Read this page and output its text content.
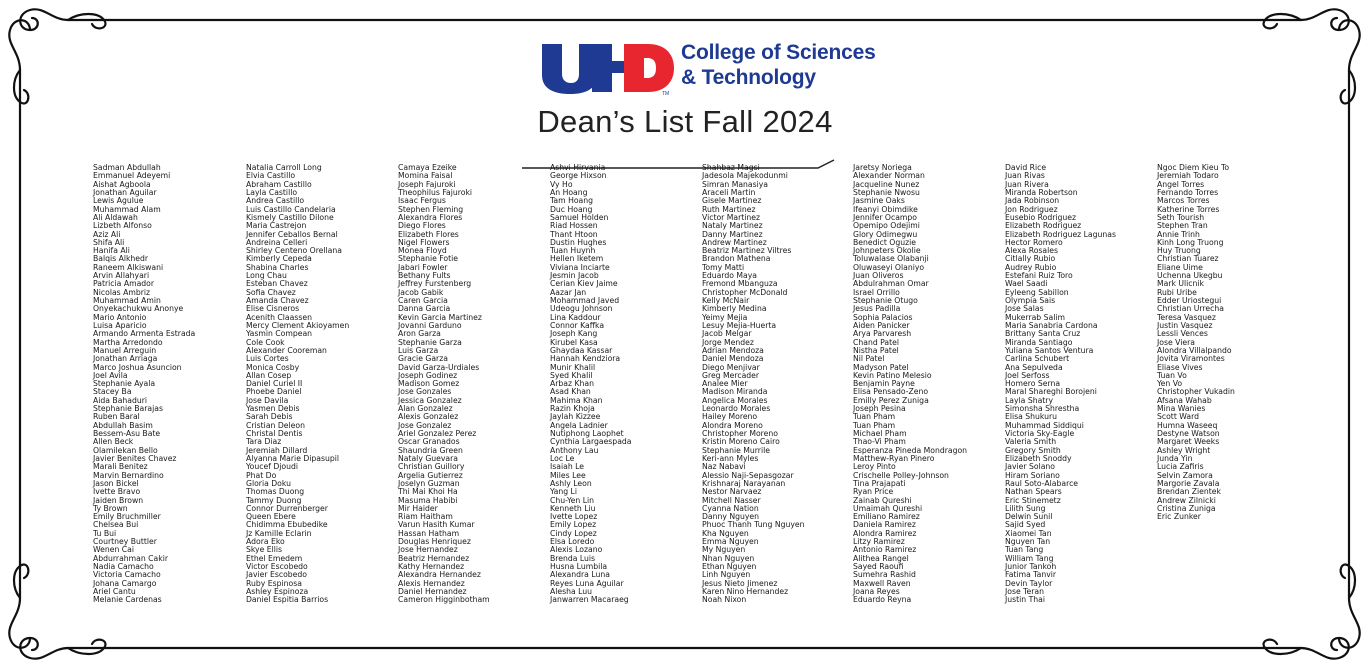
TM
College of Sciences
& Technology
Dean’s List Fall 2024
Sadman Abdullah
Emmanuel Adeyemi
Aishat Agboola
Jonathan Aguilar
Lewis Agulue
Muhammad Alam
Ali Aldawah
Lizbeth Alfonso
Aziz Ali
Shifa Ali
Hanifa Ali
Balqis Alkhedr
Raneem Alkiswani
Arvin Allahyari
Patricia Amador
Nicolas Ambriz
Muhammad Amin
Onyekachukwu Anonye
Mario Antonio
Luisa Aparicio
Armando Armenta Estrada
Martha Arredondo
Manuel Arreguin
Jonathan Arriaga
Marco Joshua Asuncion
Joel Avila
Stephanie Ayala
Stacey Ba
Aida Bahaduri
Stephanie Barajas
Ruben Baral
Abdullah Basim
Bessem-Asu Bate
Allen Beck
Olamilekan Bello
Javier Benites Chavez
Marali Benitez
Marvin Bernardino
Jason Bickel
Ivette Bravo
Jaiden Brown
Ty Brown
Emily Bruchmiller
Chelsea Bui
Tu Bui
Courtney Buttler
Wenen Cai
Abdurrahman Cakir
Nadia Camacho
Victoria Camacho
Johana Camargo
Ariel Cantu
Melanie Cardenas
Natalia Carroll Long
Elvia Castillo
Abraham Castillo
Layla Castillo
Andrea Castillo
Luis Castillo Candelaria
Kismely Castillo Dilone
Maria Castrejon
Jennifer Ceballos Bernal
Andreina Celleri
Shirley Centeno Orellana
Kimberly Cepeda
Shabina Charles
Long Chau
Esteban Chavez
Sofia Chavez
Amanda Chavez
Elise Cisneros
Acenith Claassen
Mercy Clement Akioyamen
Yasmin Compean
Cole Cook
Alexander Cooreman
Luis Cortes
Monica Cosby
Allan Cosep
Daniel Curiel II
Phoebe Daniel
Jose Davila
Yasmen Debis
Sarah Debis
Cristian Deleon
Christal Dentis
Tara Diaz
Jeremiah Dillard
Alyanna Marie Dipasupil
Youcef Djoudi
Phat Do
Gloria Doku
Thomas Duong
Tammy Duong
Connor Durrenberger
Queen Ebere
Chidimma Ebubedike
Jz Kamille Eclarin
Adora Eko
Skye Ellis
Ethel Emedem
Victor Escobedo
Javier Escobedo
Ruby Espinosa
Ashley Espinoza
Daniel Espitia Barrios
Camaya Ezeike
Momina Faisal
Joseph Fajuroki
Theophilus Fajuroki
Isaac Fergus
Stephen Fleming
Alexandra Flores
Diego Flores
Elizabeth Flores
Nigel Flowers
Monea Floyd
Stephanie Fotie
Jabari Fowler
Bethany Fults
Jeffrey Furstenberg
Jacob Gabik
Caren Garcia
Danna Garcia
Kevin Garcia Martinez
Jovanni Garduno
Aron Garza
Stephanie Garza
Luis Garza
Gracie Garza
David Garza-Urdiales
Joseph Godinez
Madison Gomez
Jose Gonzales
Jessica Gonzalez
Alan Gonzalez
Alexis Gonzalez
Jose Gonzalez
Ariel Gonzalez Perez
Oscar Granados
Shaundria Green
Nataly Guevara
Christian Guillory
Argelia Gutierrez
Joselyn Guzman
Thi Mai Khoi Ha
Masuma Habibi
Mir Haider
Riam Haitham
Varun Hasith Kumar
Hassan Hatham
Douglas Henriquez
Jose Hernandez
Beatriz Hernandez
Kathy Hernandez
Alexandra Hernandez
Alexis Hernandez
Daniel Hernandez
Cameron Higginbotham
Ashvi Hirvania
George Hixson
Vy Ho
An Hoang
Tam Hoang
Duc Hoang
Samuel Holden
Riad Hossen
Thant Htoon
Dustin Hughes
Tuan Huynh
Hellen Iketem
Viviana Inciarte
Jesmin Jacob
Cerian Kiev Jaime
Aazar Jan
Mohammad Javed
Udeogu Johnson
Lina Kaddour
Connor Kaffka
Joseph Kang
Kirubel Kasa
Ghaydaa Kassar
Hannah Kendziora
Munir Khalil
Syed Khalil
Arbaz Khan
Asad Khan
Mahima Khan
Razin Khoja
Jaylah Kizzee
Angela Ladnier
Nutiphong Laophet
Cynthia Largaespada
Anthony Lau
Loc Le
Isaiah Le
Miles Lee
Ashly Leon
Yang Li
Chu-Yen Lin
Kenneth Liu
Ivette Lopez
Emily Lopez
Cindy Lopez
Elsa Loredo
Alexis Lozano
Brenda Luis
Husna Lumbila
Alexandra Luna
Reyes Luna Aguilar
Alesha Luu
Janwarren Macaraeg
Shahbaz Magsi
Jadesola Majekodunmi
Simran Manasiya
Araceli Martin
Gisele Martinez
Ruth Martinez
Victor Martinez
Nataly Martinez
Danny Martinez
Andrew Martinez
Beatriz Martinez Viltres
Brandon Mathena
Tomy Matti
Eduardo Maya
Fremond Mbanguza
Christopher McDonald
Kelly McNair
Kimberly Medina
Yeimy Mejia
Lesuy Mejia-Huerta
Jacob Melgar
Jorge Mendez
Adrian Mendoza
Daniel Mendoza
Diego Menjivar
Greg Mercader
Analee Mier
Madison Miranda
Angelica Morales
Leonardo Morales
Hailey Moreno
Alondra Moreno
Christopher Moreno
Kristin Moreno Cairo
Stephanie Murrile
Keri-ann Myles
Naz Nabavi
Alessio Naji-Sepasgozar
Krishnaraj Narayanan
Nestor Narvaez
Mitchell Nasser
Cyanna Nation
Danny Nguyen
Phuoc Thanh Tung Nguyen
Kha Nguyen
Emma Nguyen
My Nguyen
Nhan Nguyen
Ethan Nguyen
Linh Nguyen
Jesus Nieto Jimenez
Karen Nino Hernandez
Noah Nixon
Jaretsy Noriega
Alexander Norman
Jacqueline Nunez
Stephanie Nwosu
Jasmine Oaks
Ifeanyi Obimdike
Jennifer Ocampo
Opemipo Odejimi
Glory Odimegwu
Benedict Oguzie
Johnpeters Okolie
Toluwalase Olabanji
Oluwaseyi Olaniyo
Juan Oliveros
Abdulrahman Omar
Israel Orrillo
Stephanie Otugo
Jesus Padilla
Sophia Palacios
Aiden Panicker
Arya Parvaresh
Chand Patel
Nistha Patel
Nil Patel
Madyson Patel
Kevin Patino Melesio
Benjamin Payne
Elisa Pensado-Zeno
Emilly Perez Zuniga
Joseph Pesina
Tuan Pham
Tuan Pham
Michael Pham
Thao-Vi Pham
Esperanza Pineda Mondragon
Matthew-Ryan Pinero
Leroy Pinto
Crischelle Polley-Johnson
Tina Prajapati
Ryan Price
Zainab Qureshi
Umaimah Qureshi
Emiliano Ramirez
Daniela Ramirez
Alondra Ramirez
Litzy Ramirez
Antonio Ramirez
Alithea Rangel
Sayed Raoufi
Sumehra Rashid
Maxwell Raven
Joana Reyes
Eduardo Reyna
David Rice
Juan Rivas
Juan Rivera
Miranda Robertson
Jada Robinson
Jon Rodriguez
Eusebio Rodriguez
Elizabeth Rodriguez
Elizabeth Rodriguez Lagunas
Hector Romero
Alexa Rosales
Citlally Rubio
Audrey Rubio
Estefani Ruiz Toro
Wael Saadi
Eyleeng Sabillon
Olympia Sais
Jose Salas
Mukerrab Salim
Maria Sanabria Cardona
Brittany Santa Cruz
Miranda Santiago
Yuliana Santos Ventura
Carlina Schubert
Ana Sepulveda
Joel Serfoss
Homero Serna
Maral Shareghi Borojeni
Layla Shatry
Simonsha Shrestha
Elisa Shukuru
Muhammad Siddiqui
Victoria Sky-Eagle
Valeria Smith
Gregory Smith
Elizabeth Snoddy
Javier Solano
Hiram Soriano
Raul Soto-Alabarce
Nathan Spears
Eric Stinemetz
Lilith Sung
Delwin Sunil
Sajid Syed
Xiaomei Tan
Nguyen Tan
Tuan Tang
William Tang
Junior Tankoh
Fatima Tanvir
Devin Taylor
Jose Teran
Justin Thai
Ngoc Diem Kieu To
Jeremiah Todaro
Angel Torres
Fernando Torres
Marcos Torres
Katherine Torres
Seth Tourish
Stephen Tran
Annie Trinh
Kinh Long Truong
Huy Truong
Christian Tuarez
Eliane Uime
Uchenna Ukegbu
Mark Ulicnik
Rubi Uribe
Edder Uriostegui
Christian Urrecha
Teresa Vasquez
Justin Vasquez
Lessli Vences
Jose Viera
Alondra Villalpando
Jovita Viramontes
Eliase Vives
Tuan Vo
Yen Vo
Christopher Vukadin
Afsana Wahab
Mina Wanies
Scott Ward
Humna Waseeq
Destyne Watson
Margaret Weeks
Ashley Wright
Junda Yin
Lucia Zafiris
Selvin Zamora
Margorie Zavala
Brendan Zientek
Andrew Zilnicki
Cristina Zuniga
Eric Zunker
